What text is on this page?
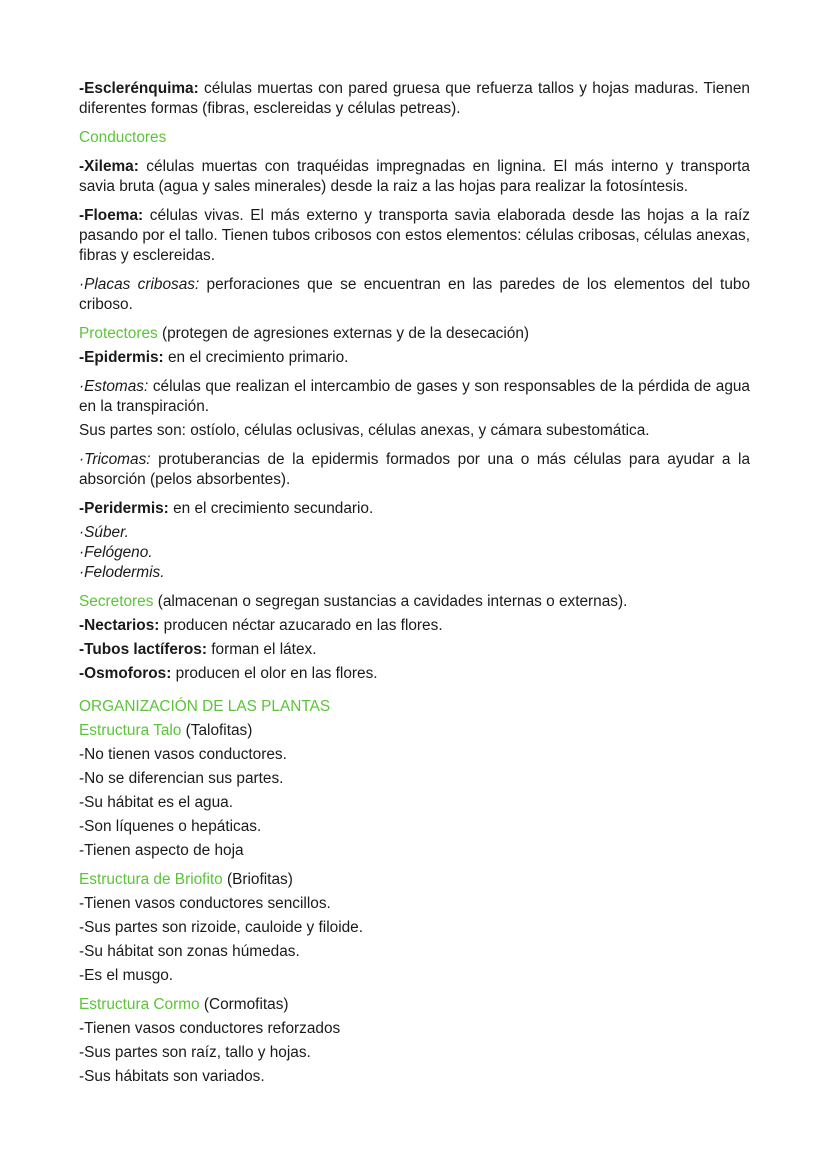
-Esclerénquima: células muertas con pared gruesa que refuerza tallos y hojas maduras. Tienen diferentes formas (fibras, esclereidas y células petreas).

Conductores

-Xilema: células muertas con traquéidas impregnadas en lignina. El más interno y transporta savia bruta (agua y sales minerales) desde la raiz a las hojas para realizar la fotosíntesis.

-Floema: células vivas. El más externo y transporta savia elaborada desde las hojas a la raíz pasando por el tallo. Tienen tubos cribosos con estos elementos: células cribosas, células anexas, fibras y esclereidas.

·Placas cribosas: perforaciones que se encuentran en las paredes de los elementos del tubo criboso.

Protectores (protegen de agresiones externas y de la desecación)

-Epidermis: en el crecimiento primario.

·Estomas: células que realizan el intercambio de gases y son responsables de la pérdida de agua en la transpiración.

Sus partes son: ostíolo, células oclusivas, células anexas, y cámara subestomática.

·Tricomas: protuberancias de la epidermis formados por una o más células para ayudar a la absorción (pelos absorbentes).

-Peridermis: en el crecimiento secundario.

·Súber.

·Felógeno.

·Felodermis.

Secretores (almacenan o segregan sustancias a cavidades internas o externas).

-Nectarios: producen néctar azucarado en las flores.

-Tubos lactíferos: forman el látex.

-Osmoforos: producen el olor en las flores.

ORGANIZACIÓN DE LAS PLANTAS

Estructura Talo (Talofitas)

-No tienen vasos conductores.

-No se diferencian sus partes.

-Su hábitat es el agua.

-Son líquenes o hepáticas.

-Tienen aspecto de hoja

Estructura de Briofito (Briofitas)

-Tienen vasos conductores sencillos.

-Sus partes son rizoide, cauloide y filoide.

-Su hábitat son zonas húmedas.

-Es el musgo.

Estructura Cormo (Cormofitas)

-Tienen vasos conductores reforzados

-Sus partes son raíz, tallo y hojas.

-Sus hábitats son variados.
